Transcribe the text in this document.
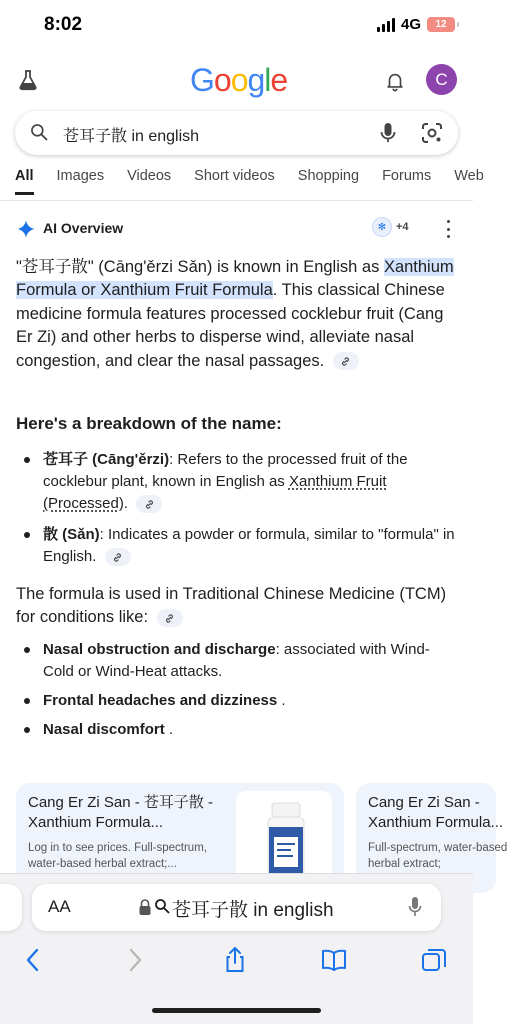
8:02	4G 12
Google	C
苍耳子散 in english
All Images Videos Short videos Shopping Forums Web
AI Overview	✻ +4
"苍耳子散" (Cāng'ěrzi Sǎn) is known in English as Xanthium Formula or Xanthium Fruit Formula. This classical Chinese medicine formula features processed cocklebur fruit (Cang Er Zi) and other herbs to disperse wind, alleviate nasal congestion, and clear the nasal passages.
Here's a breakdown of the name:
苍耳子 (Cāng'ěrzi): Refers to the processed fruit of the cocklebur plant, known in English as Xanthium Fruit (Processed).
散 (Sǎn): Indicates a powder or formula, similar to "formula" in English.
The formula is used in Traditional Chinese Medicine (TCM) for conditions like:
Nasal obstruction and discharge: associated with Wind-Cold or Wind-Heat attacks.
Frontal headaches and dizziness .
Nasal discomfort .
Cang Er Zi San - 苍耳子散 - Xanthium Formula...
Log in to see prices. Full-spectrum, water-based herbal extract;...
Cang Er Zi San - Xanthium Formula...
Full-spectrum, water-based herbal extract;
AA	苍耳子散 in english
